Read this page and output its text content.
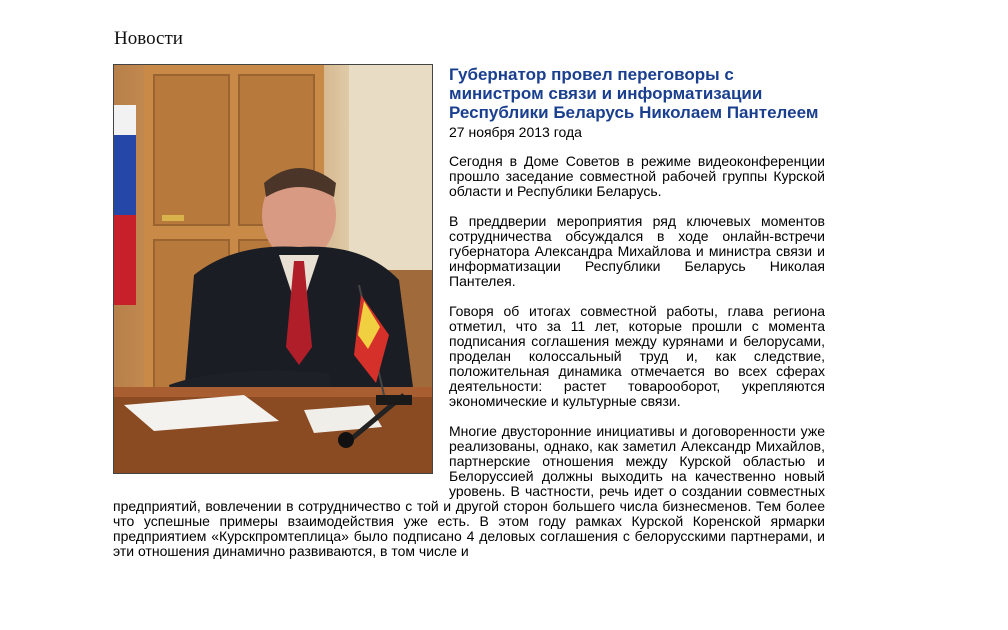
Новости
Губернатор провел переговоры с министром связи и информатизации Республики Беларусь Николаем Пантелеем
27 ноября 2013 года

Сегодня в Доме Советов в режиме видеоконференции прошло заседание совместной рабочей группы Курской области и Республики Беларусь.

В преддверии мероприятия ряд ключевых моментов сотрудничества обсуждался в ходе онлайн-встречи губернатора Александра Михайлова и министра связи и информатизации Республики Беларусь Николая Пантелея.

Говоря об итогах совместной работы, глава региона отметил, что за 11 лет, которые прошли с момента подписания соглашения между курянами и белорусами, проделан колоссальный труд и, как следствие, положительная динамика отмечается во всех сферах деятельности: растет товарооборот, укрепляются экономические и культурные связи.

Многие двусторонние инициативы и договоренности уже реализованы, однако, как заметил Александр Михайлов, партнерские отношения между Курской областью и Белоруссией должны выходить на качественно новый уровень. В частности, речь идет о создании совместных предприятий, вовлечении в сотрудничество с той и другой сторон большего числа бизнесменов. Тем более что успешные примеры взаимодействия уже есть. В этом году рамках Курской Коренской ярмарки предприятием «Курскпромтеплица» было подписано 4 деловых соглашения с белорусскими партнерами, и эти отношения динамично развиваются, в том числе и
